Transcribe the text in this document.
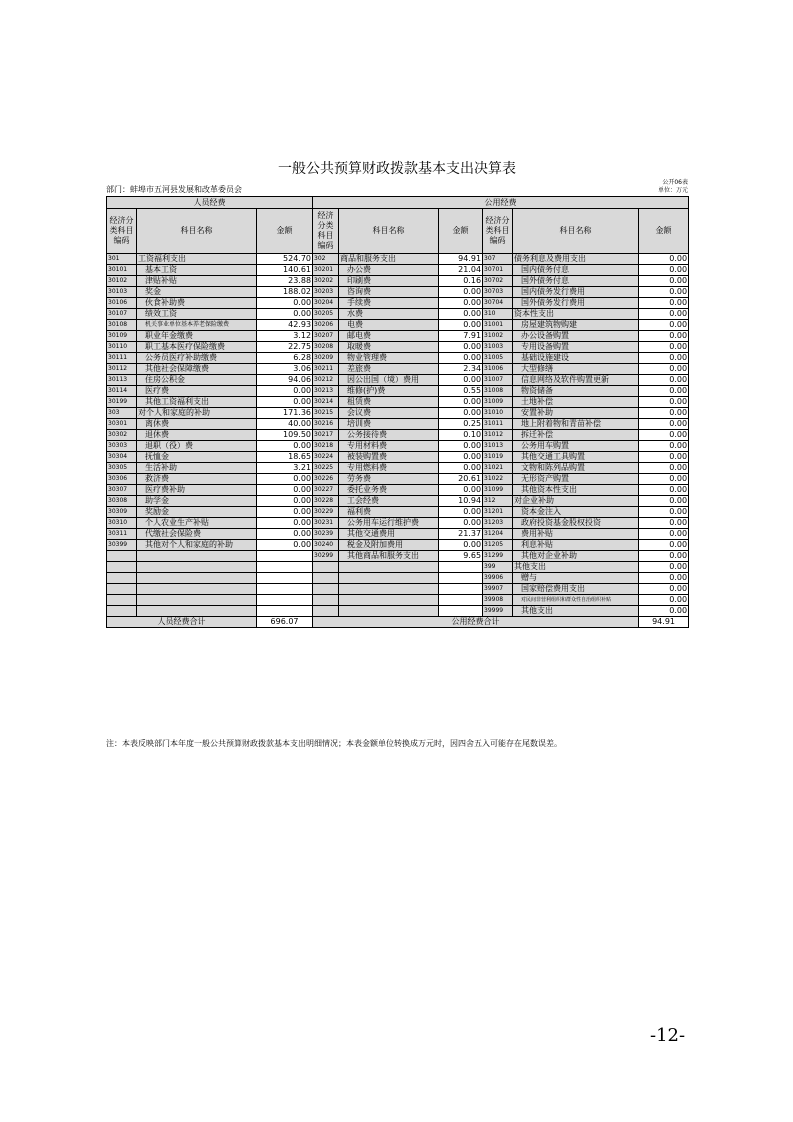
一般公共预算财政拨款基本支出决算表
公开06表
部门：蚌埠市五河县发展和改革委员会	单位：万元
人员经费			公用经费					
经济分类科目编码	科目名称	金额	经济分类科目编码	科目名称	金额	经济分类科目编码	科目名称	金额
301	工资福利支出	524.70	302	商品和服务支出	94.91	307	债务利息及费用支出	0.00
30101	基本工资	140.61	30201	办公费	21.04	30701	国内债务付息	0.00
30102	津贴补贴	23.88	30202	印刷费	0.16	30702	国外债务付息	0.00
30103	奖金	188.02	30203	咨询费	0.00	30703	国内债务发行费用	0.00
30106	伙食补助费	0.00	30204	手续费	0.00	30704	国外债务发行费用	0.00
30107	绩效工资	0.00	30205	水费	0.00	310	资本性支出	0.00
30108	机关事业单位基本养老保险缴费	42.93	30206	电费	0.00	31001	房屋建筑物购建	0.00
30109	职业年金缴费	3.12	30207	邮电费	7.91	31002	办公设备购置	0.00
30110	职工基本医疗保险缴费	22.75	30208	取暖费	0.00	31003	专用设备购置	0.00
30111	公务员医疗补助缴费	6.28	30209	物业管理费	0.00	31005	基础设施建设	0.00
30112	其他社会保障缴费	3.06	30211	差旅费	2.34	31006	大型修缮	0.00
30113	住房公积金	94.06	30212	因公出国（境）费用	0.00	31007	信息网络及软件购置更新	0.00
30114	医疗费	0.00	30213	维修(护)费	0.55	31008	物资储备	0.00
30199	其他工资福利支出	0.00	30214	租赁费	0.00	31009	土地补偿	0.00
303	对个人和家庭的补助	171.36	30215	会议费	0.00	31010	安置补助	0.00
30301	离休费	40.00	30216	培训费	0.25	31011	地上附着物和青苗补偿	0.00
30302	退休费	109.50	30217	公务接待费	0.10	31012	拆迁补偿	0.00
30303	退职（役）费	0.00	30218	专用材料费	0.00	31013	公务用车购置	0.00
30304	抚恤金	18.65	30224	被装购置费	0.00	31019	其他交通工具购置	0.00
30305	生活补助	3.21	30225	专用燃料费	0.00	31021	文物和陈列品购置	0.00
30306	救济费	0.00	30226	劳务费	20.61	31022	无形资产购置	0.00
30307	医疗费补助	0.00	30227	委托业务费	0.00	31099	其他资本性支出	0.00
30308	助学金	0.00	30228	工会经费	10.94	312	对企业补助	0.00
30309	奖励金	0.00	30229	福利费	0.00	31201	资本金注入	0.00
30310	个人农业生产补贴	0.00	30231	公务用车运行维护费	0.00	31203	政府投资基金股权投资	0.00
30311	代缴社会保险费	0.00	30239	其他交通费用	21.37	31204	费用补贴	0.00
30399	其他对个人和家庭的补助	0.00	30240	税金及附加费用	0.00	31205	利息补贴	0.00
			30299	其他商品和服务支出	9.65	31299	其他对企业补助	0.00
						399	其他支出	0.00
						39906	赠与	0.00
						39907	国家赔偿费用支出	0.00
						39908	对民间非营利组织和群众性自治组织补贴	0.00
						39999	其他支出	0.00
人员经费合计		696.07	公用经费合计					94.91
注：本表反映部门本年度一般公共预算财政拨款基本支出明细情况；本表金额单位转换成万元时，因四舍五入可能存在尾数误差。
-12-
